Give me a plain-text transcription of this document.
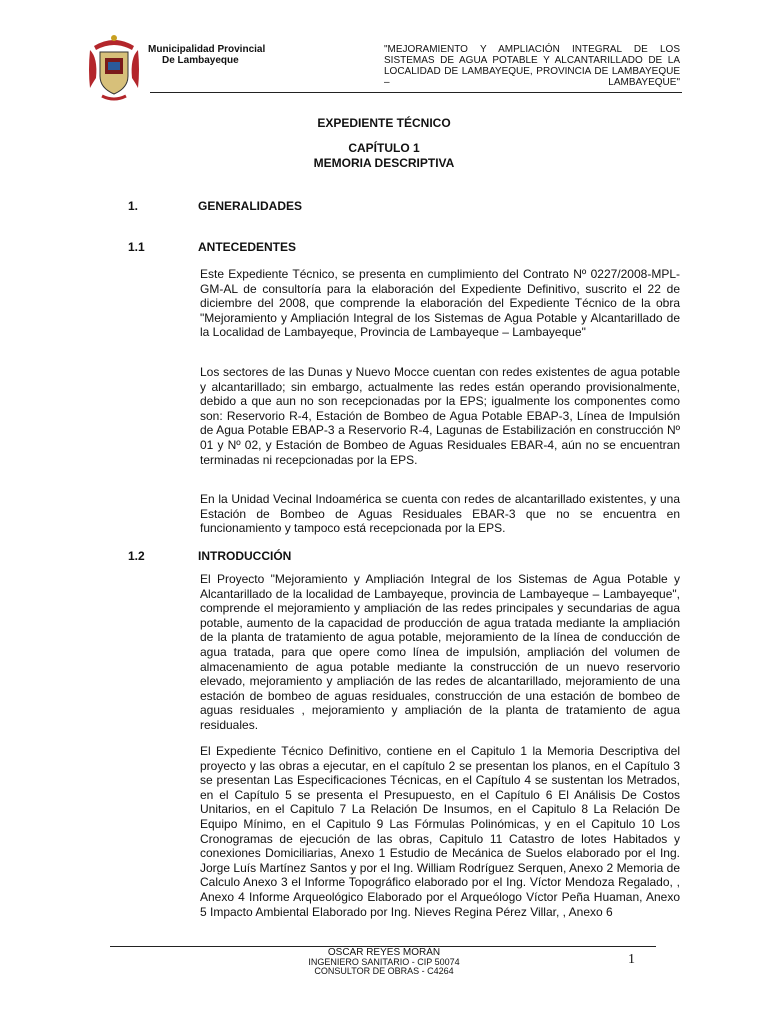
Municipalidad Provincial
De Lambayeque
"MEJORAMIENTO Y AMPLIACIÓN INTEGRAL DE LOS SISTEMAS DE AGUA POTABLE Y ALCANTARILLADO DE LA LOCALIDAD DE LAMBAYEQUE, PROVINCIA DE LAMBAYEQUE – LAMBAYEQUE"
EXPEDIENTE TÉCNICO
CAPÍTULO 1
MEMORIA DESCRIPTIVA
1.	GENERALIDADES
1.1	ANTECEDENTES

Este Expediente Técnico, se presenta en cumplimiento del Contrato Nº 0227/2008-MPL-GM-AL de consultoría para la elaboración del Expediente Definitivo, suscrito el 22 de diciembre del 2008, que comprende la elaboración del Expediente Técnico de la obra "Mejoramiento y Ampliación Integral de los Sistemas de Agua Potable y Alcantarillado de la Localidad de Lambayeque, Provincia de Lambayeque – Lambayeque"

Los sectores de las Dunas y Nuevo Mocce cuentan con redes existentes de agua potable y alcantarillado; sin embargo, actualmente las redes están operando provisionalmente, debido a que aun no son recepcionadas por la EPS; igualmente los componentes como son: Reservorio R-4, Estación de Bombeo de Agua Potable EBAP-3, Línea de Impulsión de Agua Potable EBAP-3 a Reservorio R-4, Lagunas de Estabilización en construcción Nº 01 y Nº 02, y Estación de Bombeo de Aguas Residuales EBAR-4, aún no se encuentran terminadas ni recepcionadas por la EPS.

En la Unidad Vecinal Indoamérica se cuenta con redes de alcantarillado existentes, y una Estación de Bombeo de Aguas Residuales EBAR-3 que no se encuentra en funcionamiento y tampoco está recepcionada por la EPS.

1.2	INTRODUCCIÓN

El Proyecto "Mejoramiento y Ampliación Integral de los Sistemas de Agua Potable y Alcantarillado de la localidad de Lambayeque, provincia de Lambayeque – Lambayeque", comprende el mejoramiento y ampliación de las redes principales y secundarias de agua potable, aumento de la capacidad de producción de agua tratada mediante la ampliación de la planta de tratamiento de agua potable, mejoramiento de la línea de conducción de agua tratada, para que opere como línea de impulsión, ampliación del volumen de almacenamiento de agua potable mediante la construcción de un nuevo reservorio elevado, mejoramiento y ampliación de las redes de alcantarillado, mejoramiento de una estación de bombeo de aguas residuales, construcción de una estación de bombeo de aguas residuales , mejoramiento y ampliación de la planta de tratamiento de agua residuales.

El Expediente Técnico Definitivo, contiene en el Capitulo 1 la Memoria Descriptiva del proyecto y las obras a ejecutar, en el capítulo 2 se presentan los planos, en el Capítulo 3 se presentan Las Especificaciones Técnicas, en el Capítulo 4 se sustentan los Metrados, en el Capítulo 5 se presenta el Presupuesto, en el Capítulo 6 El Análisis De Costos Unitarios, en el Capitulo 7 La Relación De Insumos, en el Capitulo 8 La Relación De Equipo Mínimo, en el Capitulo 9 Las Fórmulas Polinómicas, y en el Capitulo 10 Los Cronogramas de ejecución de las obras, Capitulo 11 Catastro de lotes Habitados y conexiones Domiciliarias, Anexo 1 Estudio de Mecánica de Suelos elaborado por el Ing. Jorge Luís Martínez Santos y por el Ing. William Rodríguez Serquen, Anexo 2 Memoria de Calculo Anexo 3 el Informe Topográfico elaborado por el Ing. Víctor Mendoza Regalado, , Anexo 4 Informe Arqueológico Elaborado por el Arqueólogo Víctor Peña Huaman, Anexo 5 Impacto Ambiental Elaborado por Ing. Nieves Regina Pérez Villar, , Anexo 6

OSCAR REYES MORÁN
INGENIERO SANITARIO - CIP 50074
CONSULTOR DE OBRAS - C4264
1
